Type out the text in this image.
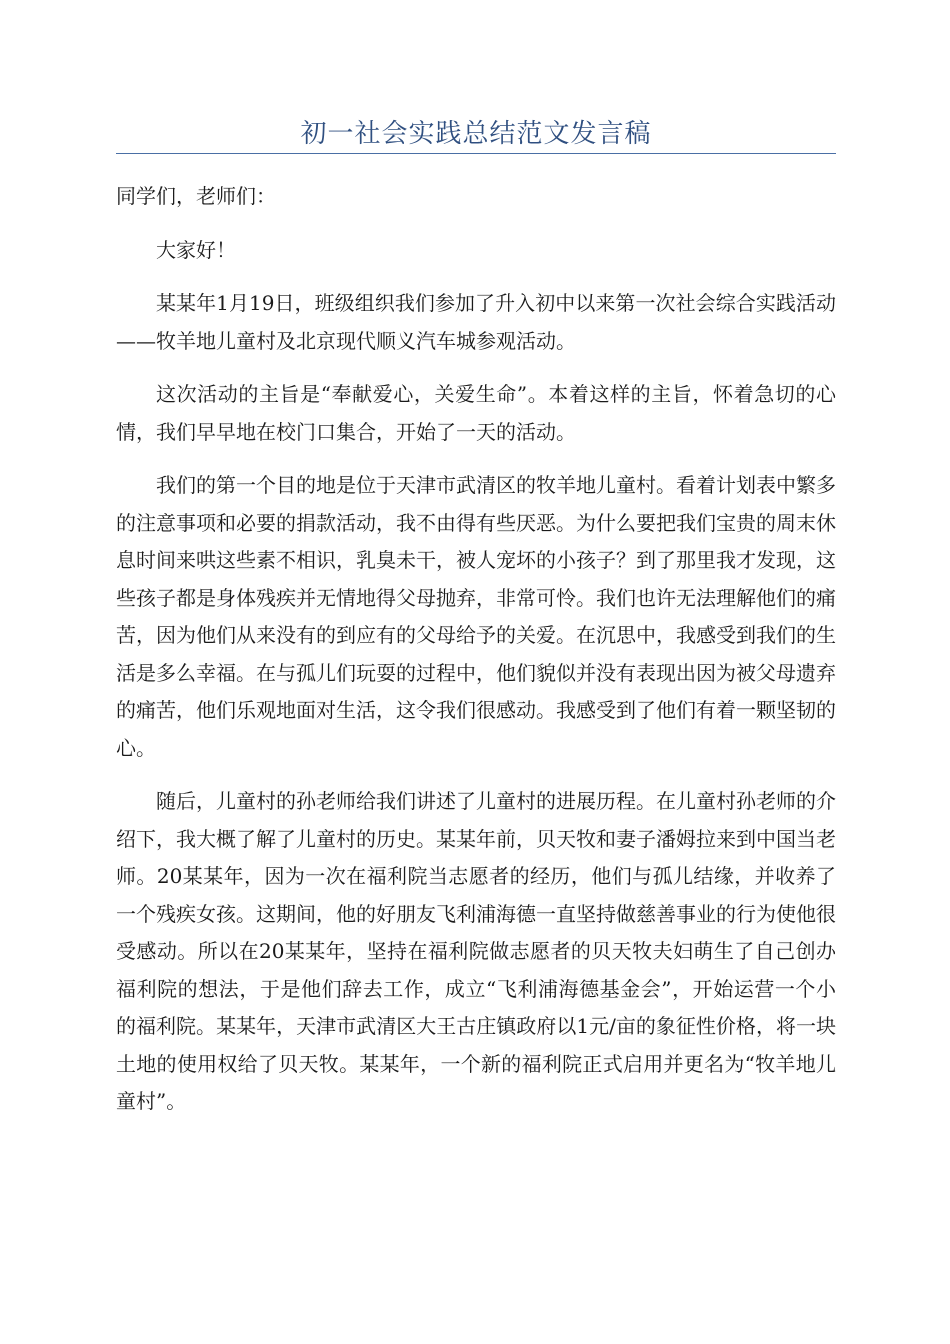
初一社会实践总结范文发言稿

同学们，老师们：

大家好！

某某年1月19日，班级组织我们参加了升入初中以来第一次社会综合实践活动——牧羊地儿童村及北京现代顺义汽车城参观活动。

这次活动的主旨是“奉献爱心，关爱生命”。本着这样的主旨，怀着急切的心情，我们早早地在校门口集合，开始了一天的活动。

我们的第一个目的地是位于天津市武清区的牧羊地儿童村。看着计划表中繁多的注意事项和必要的捐款活动，我不由得有些厌恶。为什么要把我们宝贵的周末休息时间来哄这些素不相识，乳臭未干，被人宠坏的小孩子？到了那里我才发现，这些孩子都是身体残疾并无情地得父母抛弃，非常可怜。我们也许无法理解他们的痛苦，因为他们从来没有的到应有的父母给予的关爱。在沉思中，我感受到我们的生活是多么幸福。在与孤儿们玩耍的过程中，他们貌似并没有表现出因为被父母遗弃的痛苦，他们乐观地面对生活，这令我们很感动。我感受到了他们有着一颗坚韧的心。

随后，儿童村的孙老师给我们讲述了儿童村的进展历程。在儿童村孙老师的介绍下，我大概了解了儿童村的历史。某某年前，贝天牧和妻子潘姆拉来到中国当老师。20某某年，因为一次在福利院当志愿者的经历，他们与孤儿结缘，并收养了一个残疾女孩。这期间，他的好朋友飞利浦海德一直坚持做慈善事业的行为使他很受感动。所以在20某某年，坚持在福利院做志愿者的贝天牧夫妇萌生了自己创办福利院的想法，于是他们辞去工作，成立“飞利浦海德基金会”，开始运营一个小的福利院。某某年，天津市武清区大王古庄镇政府以1元/亩的象征性价格，将一块土地的使用权给了贝天牧。某某年，一个新的福利院正式启用并更名为“牧羊地儿童村”。
